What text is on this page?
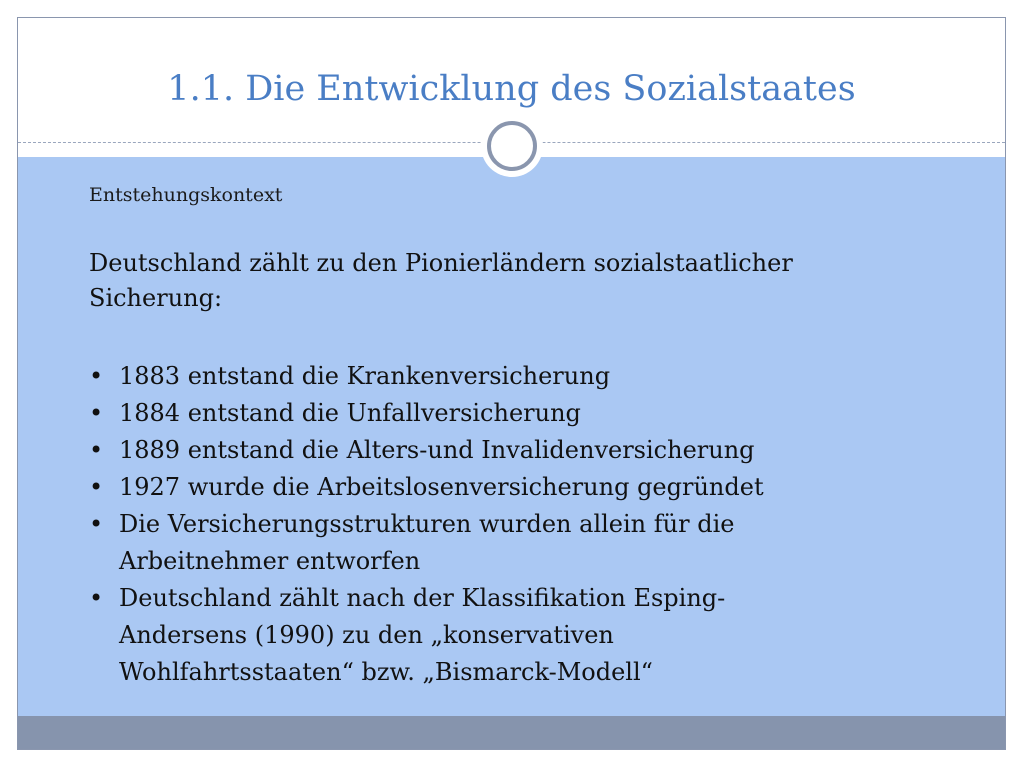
1.1. Die Entwicklung des Sozialstaates
Entstehungskontext
Deutschland zählt zu den Pionierländern sozialstaatlicher
Sicherung:
• 1883 entstand die Krankenversicherung
• 1884 entstand die Unfallversicherung
• 1889 entstand die Alters-und Invalidenversicherung
• 1927 wurde die Arbeitslosenversicherung gegründet
• Die Versicherungsstrukturen wurden allein für die
Arbeitnehmer entworfen
• Deutschland zählt nach der Klassifikation Esping-
Andersens (1990) zu den „konservativen
Wohlfahrtsstaaten“ bzw. „Bismarck-Modell“
